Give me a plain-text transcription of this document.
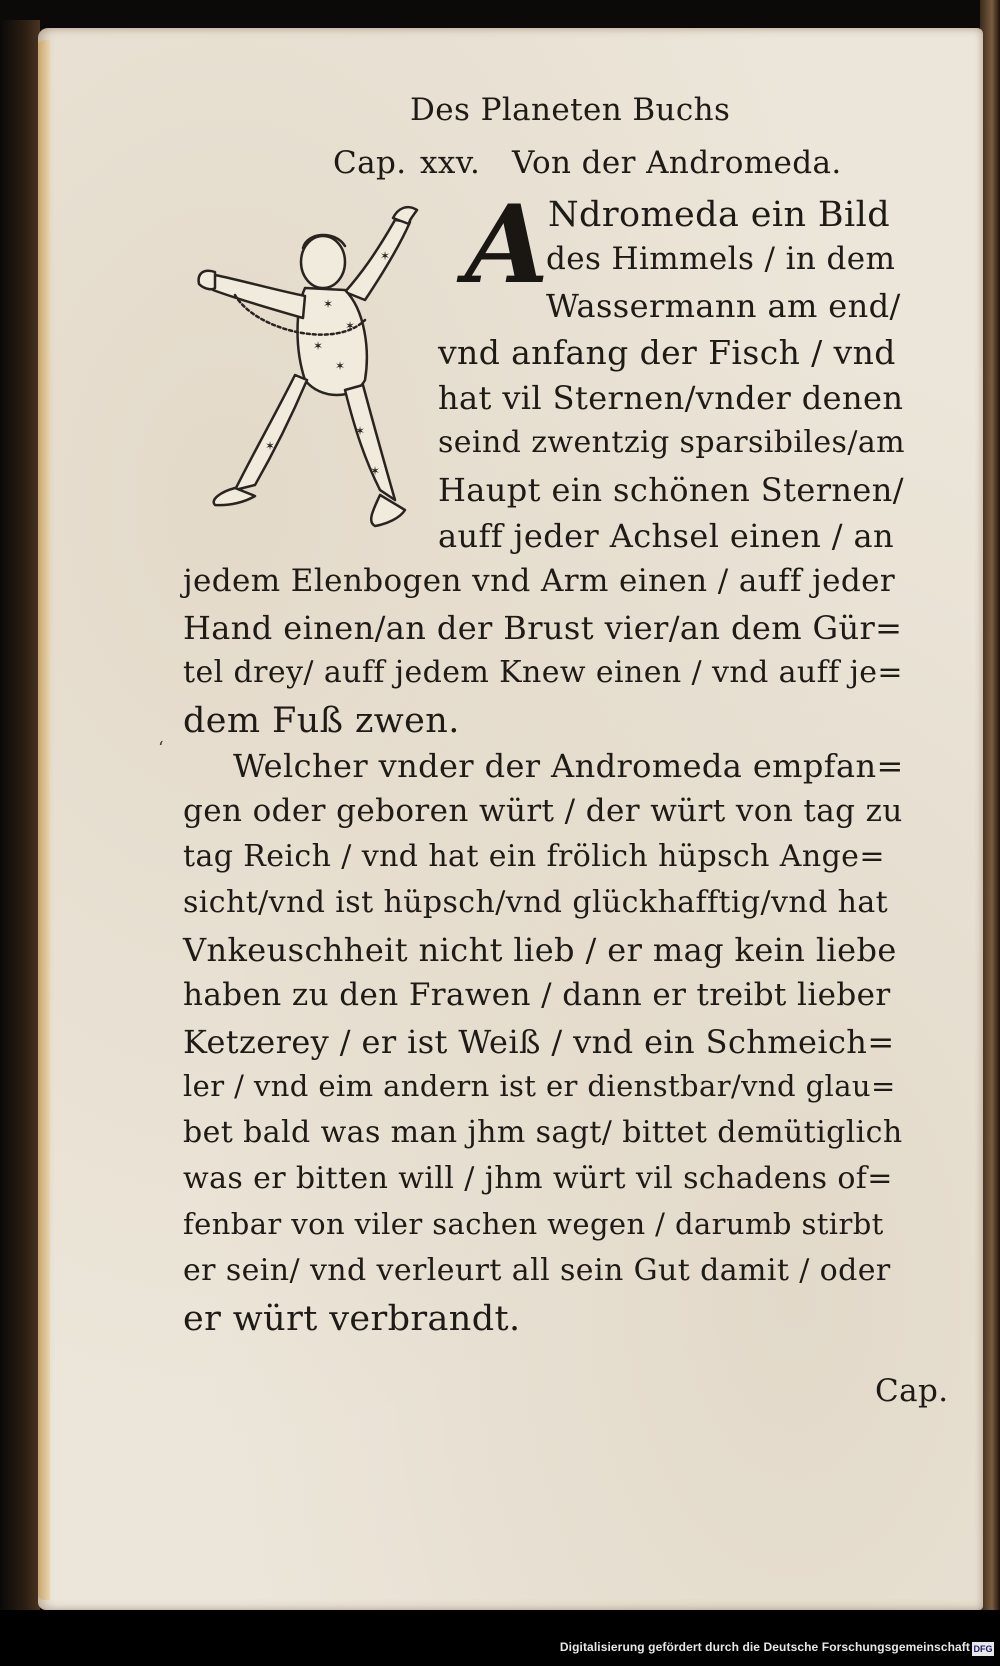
Des Planeten Buchs
Cap. xxv. Von der Andromeda.
A
✶
✶
✶
✶
✶
✶
✶
✶
Ndromeda ein Bild
des Himmels / in dem
Wassermann am end/
vnd anfang der Fisch / vnd
hat vil Sternen/vnder denen
seind zwentzig sparsibiles/am
Haupt ein schönen Sternen/
auff jeder Achsel einen / an
jedem Elenbogen vnd Arm einen / auff jeder
Hand einen/an der Brust vier/an dem Gür=
tel drey/ auff jedem Knew einen / vnd auff je=
dem Fuß zwen.
Welcher vnder der Andromeda empfan=
gen oder geboren würt / der würt von tag zu
tag Reich / vnd hat ein frölich hüpsch Ange=
sicht/vnd ist hüpsch/vnd glückhafftig/vnd hat
Vnkeuschheit nicht lieb / er mag kein liebe
haben zu den Frawen / dann er treibt lieber
Ketzerey / er ist Weiß / vnd ein Schmeich=
ler / vnd eim andern ist er dienstbar/vnd glau=
bet bald was man jhm sagt/ bittet demütiglich
was er bitten will / jhm würt vil schadens of=
fenbar von viler sachen wegen / darumb stirbt
er sein/ vnd verleurt all sein Gut damit / oder
er würt verbrandt.
‘
Cap.
Digitalisierung gefördert durch die Deutsche Forschungsgemeinschaft DFG
